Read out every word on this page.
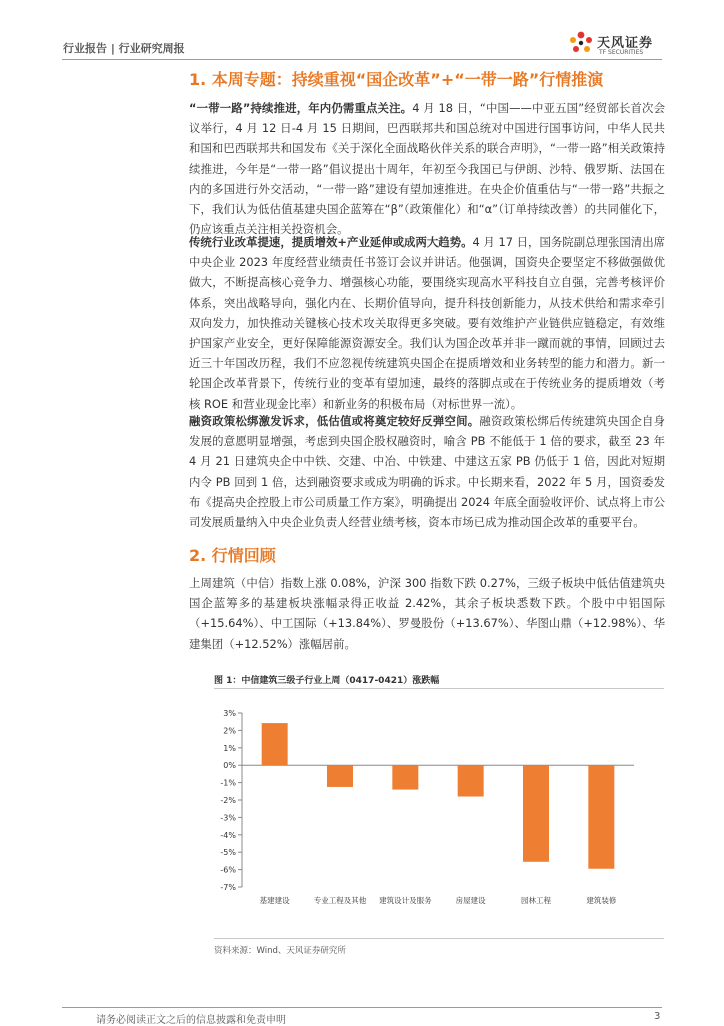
行业报告 | 行业研究周报	天风证券
TF SECURITIES
1. 本周专题：持续重视“国企改革”+“一带一路”行情推演
“一带一路”持续推进，年内仍需重点关注。4 月 18 日，“中国——中亚五国”经贸部长首次会议举行，4 月 12 日-4 月 15 日期间，巴西联邦共和国总统对中国进行国事访问，中华人民共和国和巴西联邦共和国发布《关于深化全面战略伙伴关系的联合声明》，“一带一路”相关政策持续推进，今年是“一带一路”倡议提出十周年，年初至今我国已与伊朗、沙特、俄罗斯、法国在内的多国进行外交活动，“一带一路”建设有望加速推进。在央企价值重估与“一带一路”共振之下，我们认为低估值基建央国企蓝筹在“β”（政策催化）和“α”（订单持续改善）的共同催化下，仍应该重点关注相关投资机会。
传统行业改革提速，提质增效+产业延伸或成两大趋势。4 月 17 日，国务院副总理张国清出席中央企业 2023 年度经营业绩责任书签订会议并讲话。他强调，国资央企要坚定不移做强做优做大，不断提高核心竞争力、增强核心功能，要围绕实现高水平科技自立自强，完善考核评价体系，突出战略导向，强化内在、长期价值导向，提升科技创新能力，从技术供给和需求牵引双向发力，加快推动关键核心技术攻关取得更多突破。要有效维护产业链供应链稳定，有效维护国家产业安全，更好保障能源资源安全。我们认为国企改革并非一蹴而就的事情，回顾过去近三十年国改历程，我们不应忽视传统建筑央国企在提质增效和业务转型的能力和潜力。新一轮国企改革背景下，传统行业的变革有望加速，最终的落脚点或在于传统业务的提质增效（考核 ROE 和营业现金比率）和新业务的积极布局（对标世界一流）。
融资政策松绑激发诉求，低估值或将奠定较好反弹空间。融资政策松绑后传统建筑央国企自身发展的意愿明显增强，考虑到央国企股权融资时，喻含 PB 不能低于 1 倍的要求，截至 23 年 4 月 21 日建筑央企中中铁、交建、中冶、中铁建、中建这五家 PB 仍低于 1 倍，因此对短期内令 PB 回到 1 倍，达到融资要求或成为明确的诉求。中长期来看，2022 年 5 月，国资委发布《提高央企控股上市公司质量工作方案》，明确提出 2024 年底全面验收评价、试点将上市公司发展质量纳入中央企业负责人经营业绩考核，资本市场已成为推动国企改革的重要平台。
2. 行情回顾
上周建筑（中信）指数上涨 0.08%，沪深 300 指数下跌 0.27%，三级子板块中低估值建筑央国企蓝筹多的基建板块涨幅录得正收益 2.42%，其余子板块悉数下跌。个股中中铝国际（+15.64%）、中工国际（+13.84%）、罗曼股份（+13.67%）、华图山鼎（+12.98%）、华建集团（+12.52%）涨幅居前。
图 1：中信建筑三级子行业上周（0417-0421）涨跌幅
3%
2%
1%
0%
-1%
-2%
-3%
-4%
-5%
-6%
-7%
基建建设	专业工程及其他 建筑设计及服务	房屋建设	园林工程	建筑装修
资料来源：Wind、天风证券研究所
请务必阅读正文之后的信息披露和免责申明	3
